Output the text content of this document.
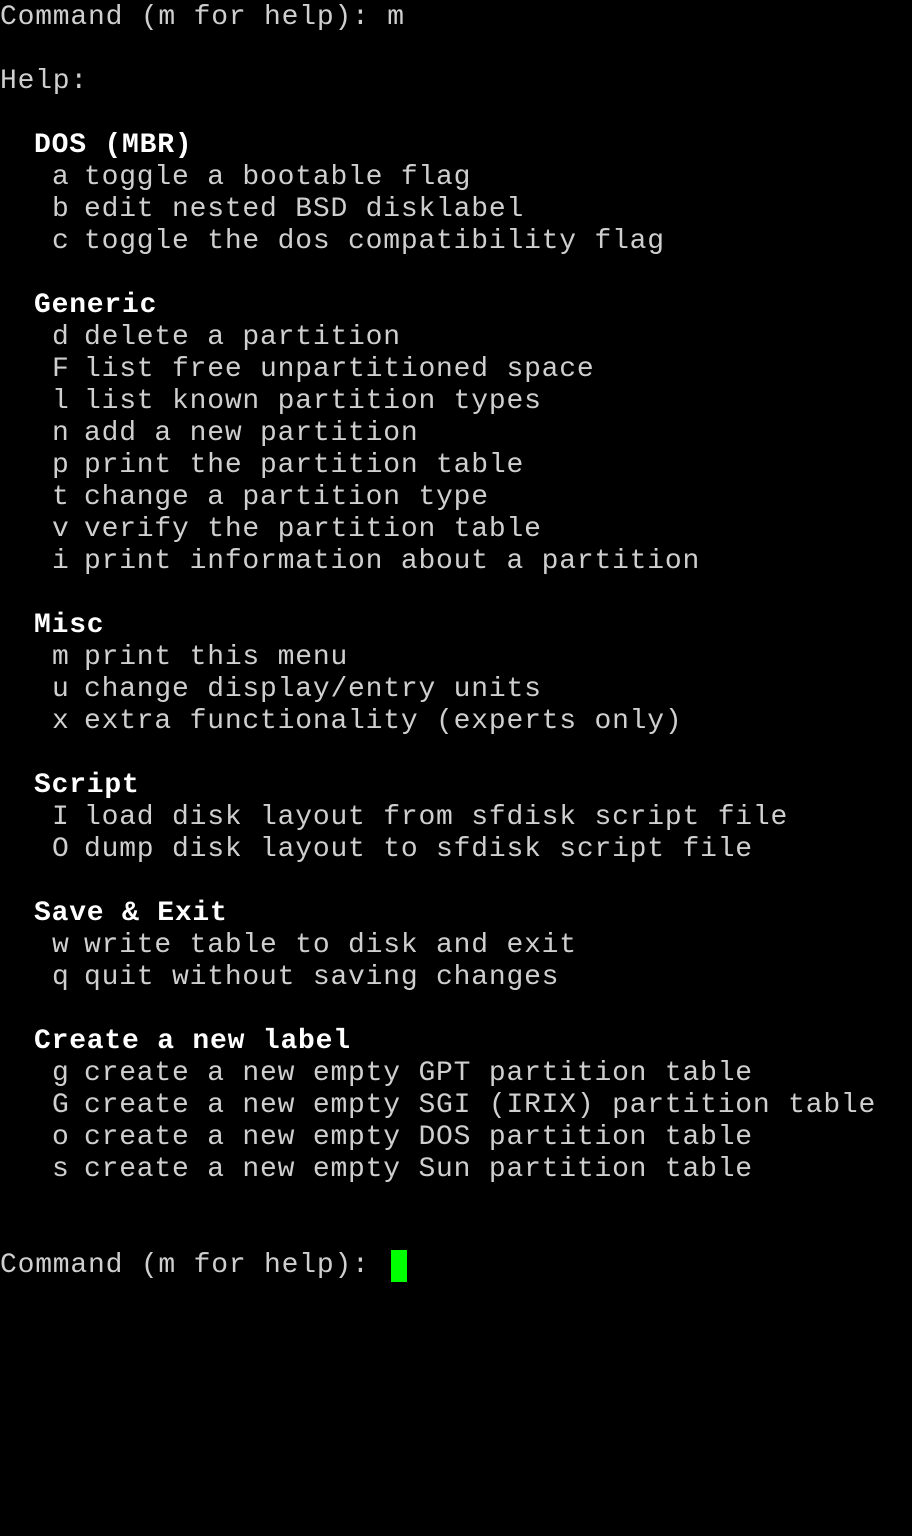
Command (m for help): m

Help:

DOS (MBR)

a toggle a bootable flag

b edit nested BSD disklabel

c toggle the dos compatibility flag

Generic

d delete a partition

F list free unpartitioned space

l list known partition types

n add a new partition

p print the partition table

t change a partition type

v verify the partition table

i print information about a partition

Misc

m print this menu

u change display/entry units

x extra functionality (experts only)

Script

I load disk layout from sfdisk script file

O dump disk layout to sfdisk script file

Save & Exit

w write table to disk and exit

q quit without saving changes

Create a new label

g create a new empty GPT partition table

G create a new empty SGI (IRIX) partition table

o create a new empty DOS partition table

s create a new empty Sun partition table

Command (m for help):
